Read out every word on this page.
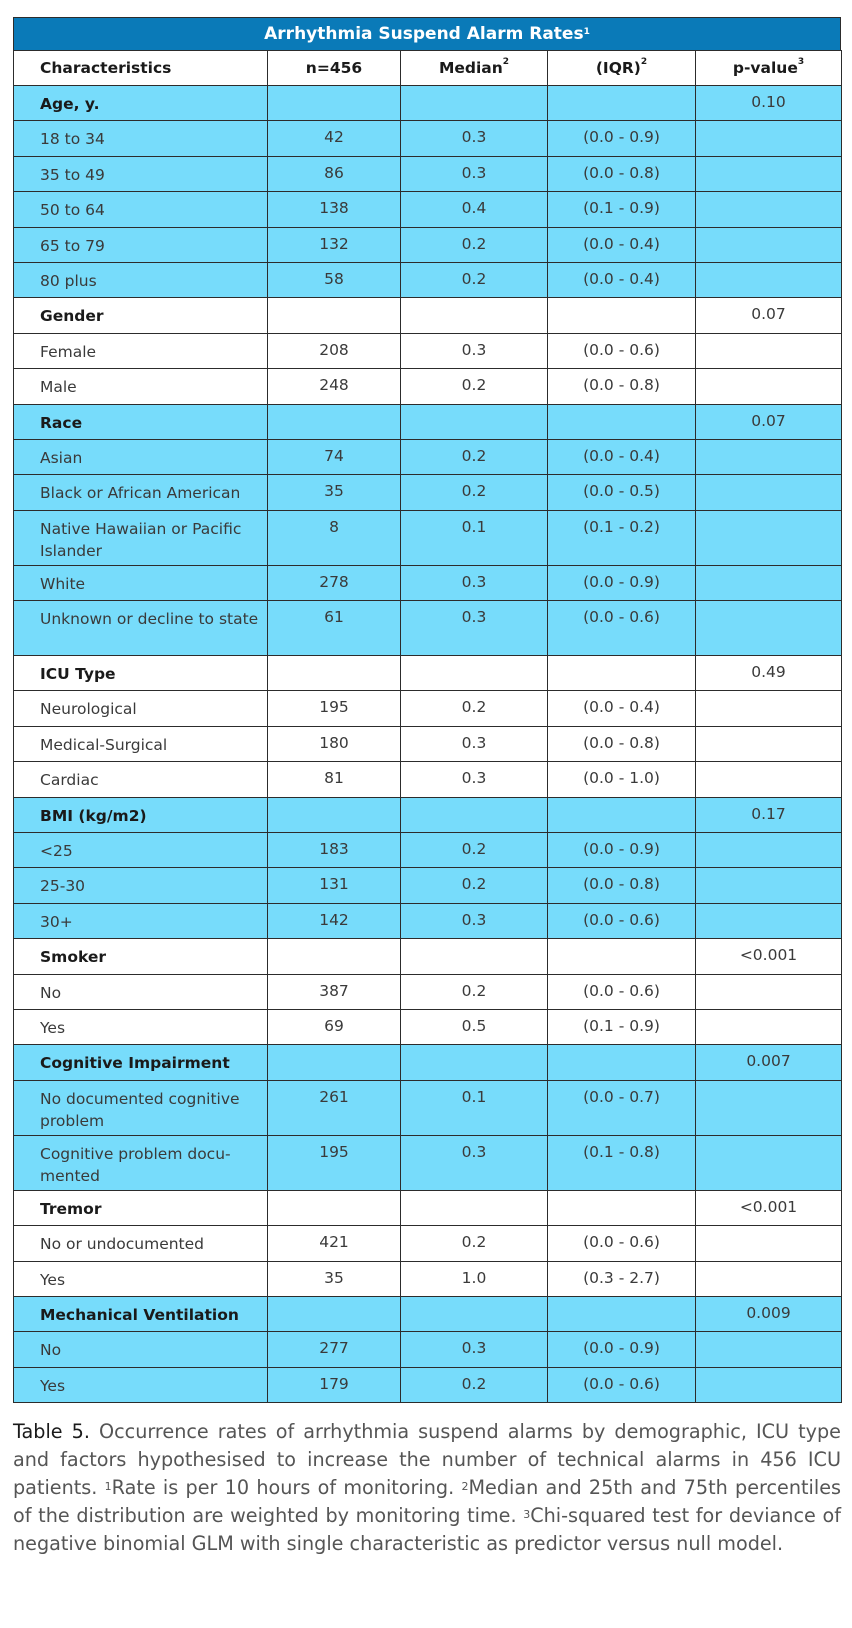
Arrhythmia Suspend Alarm Rates$^1$
Characteristics	n=456	Median$^2$	(IQR)$^2$	p-value$^3$
Age, y.				0.10
18 to 34	42	0.3	(0.0 - 0.9)	
35 to 49	86	0.3	(0.0 - 0.8)	
50 to 64	138	0.4	(0.1 - 0.9)	
65 to 79	132	0.2	(0.0 - 0.4)	
80 plus	58	0.2	(0.0 - 0.4)	
Gender				0.07
Female	208	0.3	(0.0 - 0.6)	
Male	248	0.2	(0.0 - 0.8)	
Race				0.07
Asian	74	0.2	(0.0 - 0.4)	
Black or African American	35	0.2	(0.0 - 0.5)	
Native Hawaiian or Pacific Islander	8	0.1	(0.1 - 0.2)	
White	278	0.3	(0.0 - 0.9)	
Unknown or decline to state	61	0.3	(0.0 - 0.6)	
ICU Type				0.49
Neurological	195	0.2	(0.0 - 0.4)	
Medical-Surgical	180	0.3	(0.0 - 0.8)	
Cardiac	81	0.3	(0.0 - 1.0)	
BMI (kg/m2)				0.17
<25	183	0.2	(0.0 - 0.9)	
25-30	131	0.2	(0.0 - 0.8)	
30+	142	0.3	(0.0 - 0.6)	
Smoker				<0.001
No	387	0.2	(0.0 - 0.6)	
Yes	69	0.5	(0.1 - 0.9)	
Cognitive Impairment				0.007
No documented cognitive problem	261	0.1	(0.0 - 0.7)	
Cognitive problem docu-mented	195	0.3	(0.1 - 0.8)	
Tremor				<0.001
No or undocumented	421	0.2	(0.0 - 0.6)	
Yes	35	1.0	(0.3 - 2.7)	
Mechanical Ventilation				0.009
No	277	0.3	(0.0 - 0.9)	
Yes	179	0.2	(0.0 - 0.6)	
Table 5. Occurrence rates of arrhythmia suspend alarms by demographic, ICU type and factors hypothesised to increase the number of technical alarms in 456 ICU patients. $^1$Rate is per 10 hours of monitoring. $^2$Median and 25th and 75th percentiles of the distribution are weighted by monitoring time. $^3$Chi-squared test for deviance of negative binomial GLM with single characteristic as predictor versus null model.
